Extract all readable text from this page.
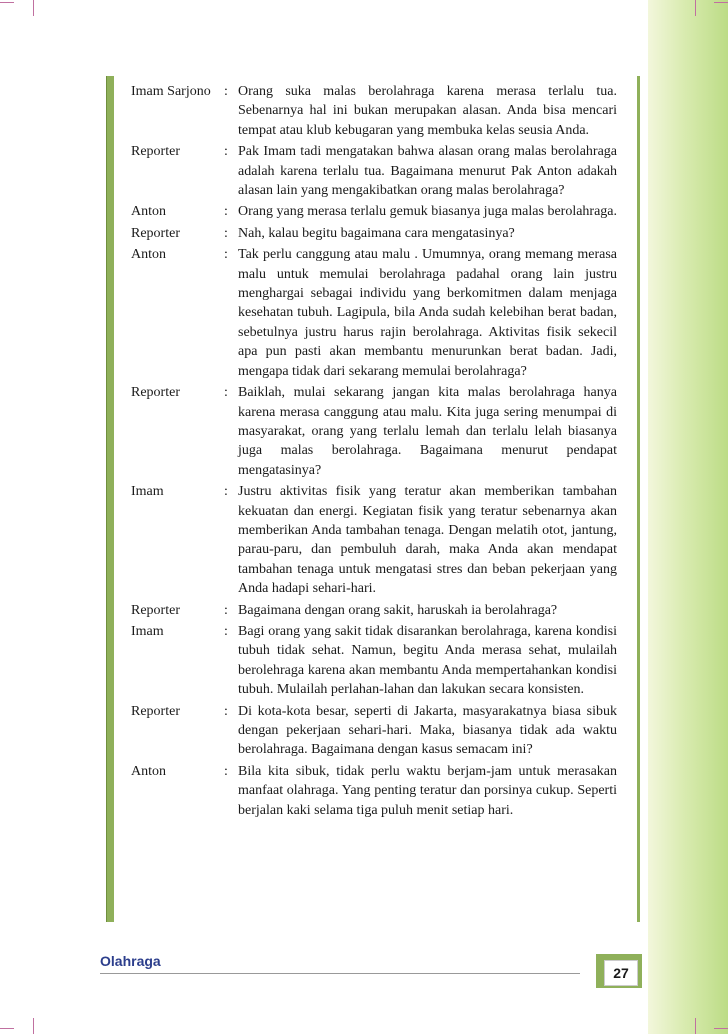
Imam Sarjono : Orang suka malas berolahraga karena merasa terlalu tua. Sebenarnya hal ini bukan merupakan alasan. Anda bisa mencari tempat atau klub kebugaran yang membuka kelas seusia Anda.
Reporter	: Pak Imam tadi mengatakan bahwa alasan orang malas berolahraga adalah karena terlalu tua. Bagaimana menurut Pak Anton adakah alasan lain yang mengakibatkan orang malas berolahraga?
Anton	: Orang yang merasa terlalu gemuk biasanya juga malas berolahraga.
Reporter	: Nah, kalau begitu bagaimana cara mengatasinya?
Anton	: Tak perlu canggung atau malu . Umumnya, orang memang merasa malu untuk memulai berolahraga padahal orang lain justru menghargai sebagai individu yang berkomitmen dalam menjaga kesehatan tubuh. Lagipula, bila Anda sudah kelebihan berat badan, sebetulnya justru harus rajin berolahraga. Aktivitas fisik sekecil apa pun pasti akan membantu menurunkan berat badan. Jadi, mengapa tidak dari sekarang memulai berolahraga?
Reporter	: Baiklah, mulai sekarang jangan kita malas berolahraga hanya karena merasa canggung atau malu. Kita juga sering menumpai di masyarakat, orang yang terlalu lemah dan terlalu lelah biasanya juga malas berolahraga. Bagaimana menurut pendapat mengatasinya?
Imam	: Justru aktivitas fisik yang teratur akan memberikan tambahan kekuatan dan energi. Kegiatan fisik yang teratur sebenarnya akan memberikan Anda tambahan tenaga. Dengan melatih otot, jantung, parau-paru, dan pembuluh darah, maka Anda akan mendapat tambahan tenaga untuk mengatasi stres dan beban pekerjaan yang Anda hadapi sehari-hari.
Reporter	: Bagaimana dengan orang sakit, haruskah ia berolahraga?
Imam	: Bagi orang yang sakit tidak disarankan berolahraga, karena kondisi tubuh tidak sehat. Namun, begitu Anda merasa sehat, mulailah berolehraga karena akan membantu Anda mempertahankan kondisi tubuh. Mulailah perlahan-lahan dan lakukan secara konsisten.
Reporter	: Di kota-kota besar, seperti di Jakarta, masyarakatnya biasa sibuk dengan pekerjaan sehari-hari. Maka, biasanya tidak ada waktu berolahraga. Bagaimana dengan kasus semacam ini?
Anton	: Bila kita sibuk, tidak perlu waktu berjam-jam untuk merasakan manfaat olahraga. Yang penting teratur dan porsinya cukup. Seperti berjalan kaki selama tiga puluh menit setiap hari.
Olahraga
27
